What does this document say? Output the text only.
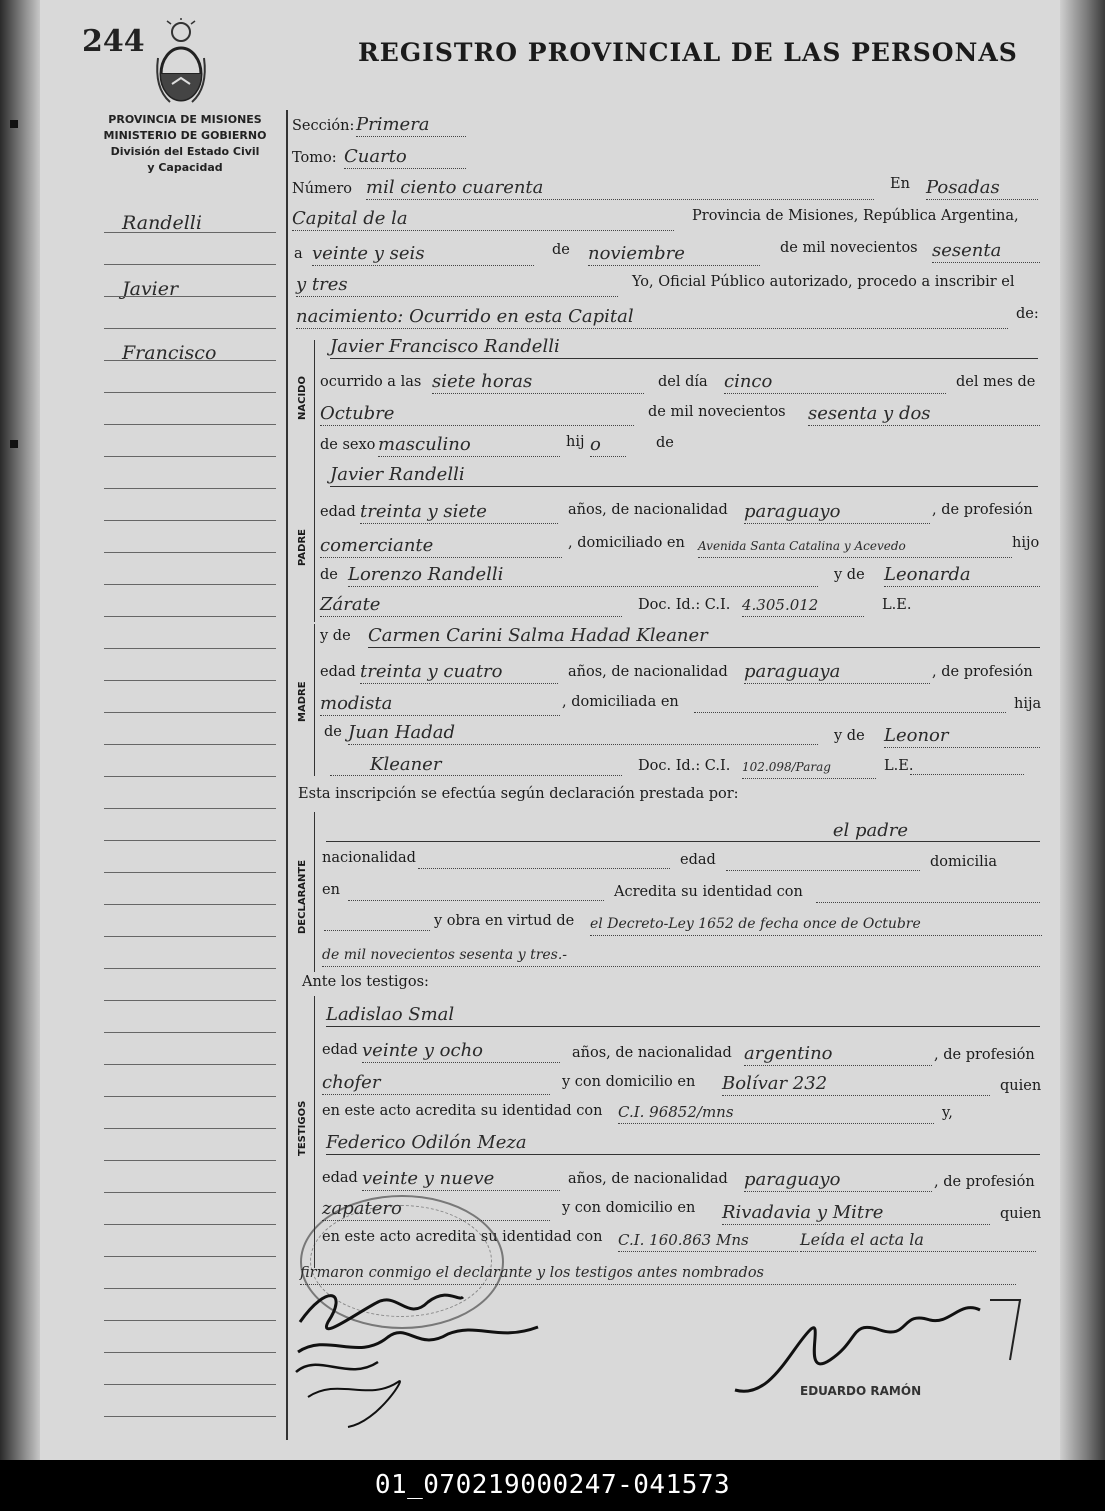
244	REGISTRO PROVINCIAL DE LAS PERSONAS
PROVINCIA DE MISIONES
MINISTERIO DE GOBIERNO
División del Estado Civil
y Capacidad
Randelli
Javier
Francisco
Sección: Primera
Tomo: Cuarto
Número mil ciento cuarenta	En Posadas
Capital de la	Provincia de Misiones, República Argentina,
a veinte y seis	de noviembre	de mil novecientos sesenta
y tres	Yo, Oficial Público autorizado, procedo a inscribir el
nacimiento: Ocurrido en esta Capital	de:
NACIDO
Javier Francisco Randelli
ocurrido a las siete horas	del día cinco	del mes de
Octubre	de mil novecientos sesenta y dos
de sexo masculino	hij o	de
PADRE
Javier Randelli
edad treinta y siete	años, de nacionalidad paraguayo	, de profesión
comerciante	, domiciliado en Avenida Santa Catalina y Acevedo	hijo
de Lorenzo Randelli	y de Leonarda
Zárate	Doc. Id.: C.I. 4.305.012	L.E.
MADRE
y de Carmen Carini Salma Hadad Kleaner
edad treinta y cuatro	años, de nacionalidad paraguaya	, de profesión
modista	, domiciliada en	hija
de Juan Hadad	y de Leonor
Kleaner	Doc. Id.: C.I. 102.098/Parag	L.E.
Esta inscripción se efectúa según declaración prestada por:
DECLARANTE
el padre
nacionalidad	edad	domicilia
en	Acredita su identidad con
y obra en virtud de el Decreto-Ley 1652 de fecha once de Octubre
de mil novecientos sesenta y tres.-
Ante los testigos:
TESTIGOS
Ladislao Smal
edad veinte y ocho	años, de nacionalidad argentino	, de profesión
chofer	y con domicilio en Bolívar 232	quien
en este acto acredita su identidad con C.I. 96852/mns	y,
Federico Odilón Meza
edad veinte y nueve	años, de nacionalidad paraguayo	, de profesión
zapatero	y con domicilio en Rivadavia y Mitre	quien
en este acto acredita su identidad con C.I. 160.863 Mns	Leída el acta la
firmaron conmigo el declarante y los testigos antes nombrados
EDUARDO RAMÓN
01_070219000247-041573
